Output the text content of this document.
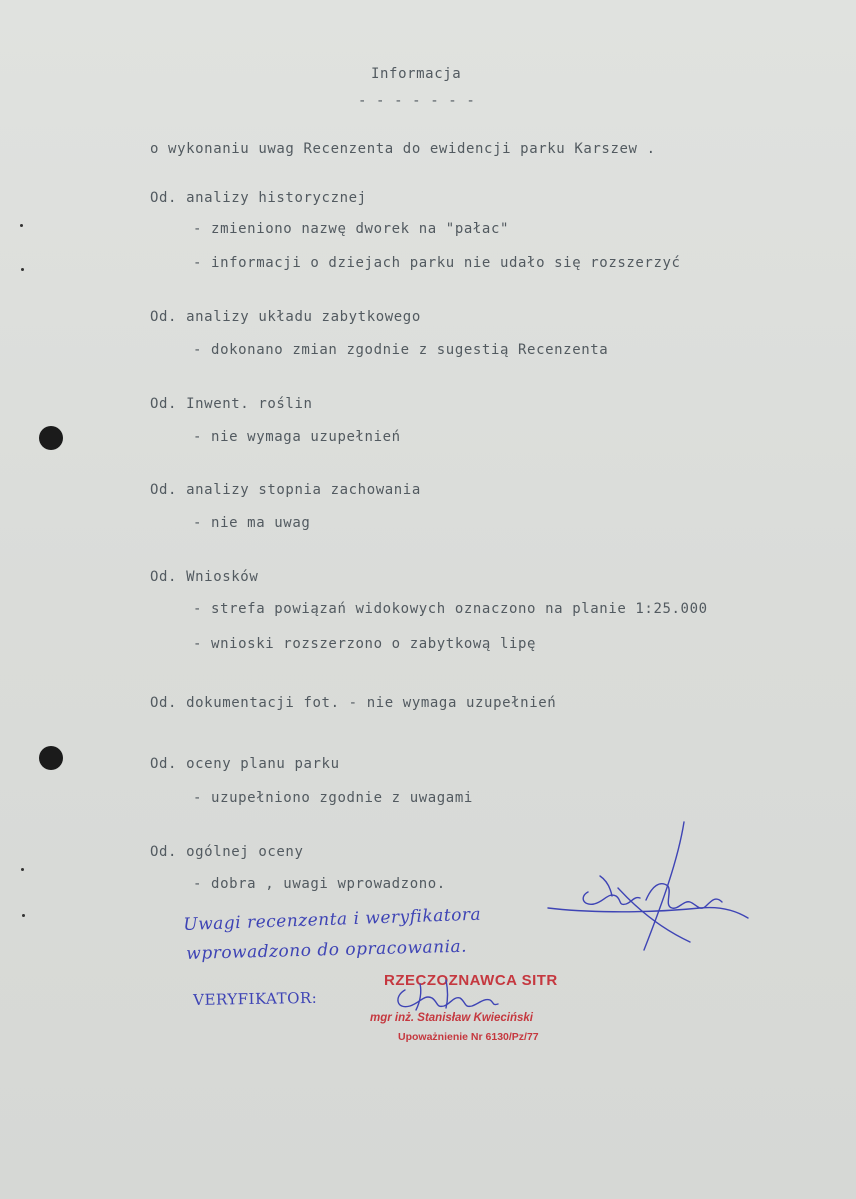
Informacja
- - - - - - -
o wykonaniu uwag Recenzenta do ewidencji parku Karszew .
Od. analizy historycznej
- zmieniono nazwę dworek na "pałac"
- informacji o dziejach parku nie udało się rozszerzyć
Od. analizy układu zabytkowego
- dokonano zmian zgodnie z sugestią Recenzenta
Od. Inwent. roślin
- nie wymaga uzupełnień
Od. analizy stopnia zachowania
- nie ma uwag
Od. Wniosków
- strefa powiązań widokowych oznaczono na planie 1:25.000
- wnioski rozszerzono o zabytkową lipę
Od. dokumentacji fot. - nie wymaga uzupełnień
Od. oceny planu parku
- uzupełniono zgodnie z uwagami
Od. ogólnej oceny
- dobra , uwagi wprowadzono.
Uwagi recenzenta i weryfikatora
wprowadzono do opracowania.
VERYFIKATOR:
RZECZOZNAWCA SITR
mgr inż. Stanisław Kwieciński
Upoważnienie Nr 6130/Pz/77
